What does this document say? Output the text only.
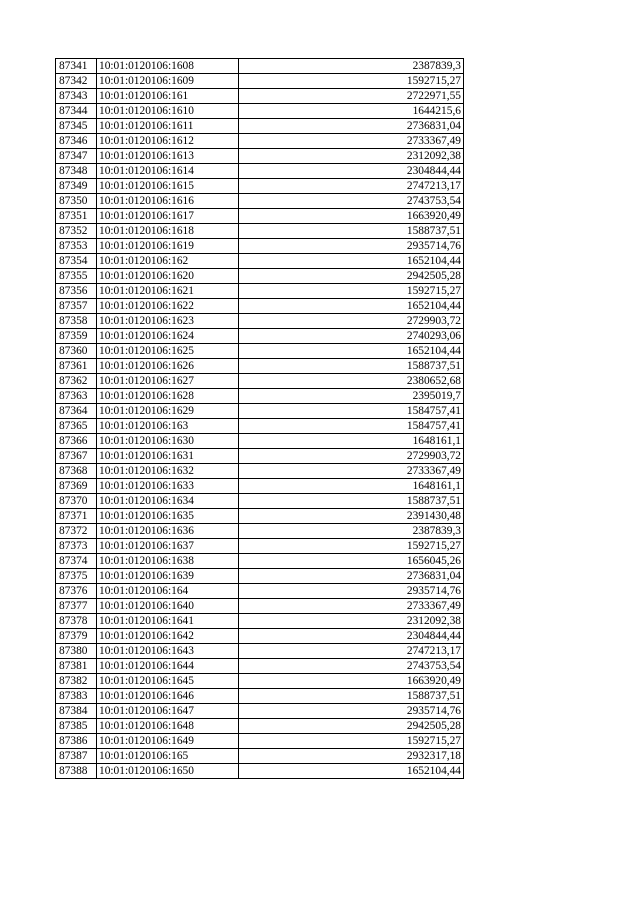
87341	10:01:0120106:1608	2387839,3
87342	10:01:0120106:1609	1592715,27
87343	10:01:0120106:161	2722971,55
87344	10:01:0120106:1610	1644215,6
87345	10:01:0120106:1611	2736831,04
87346	10:01:0120106:1612	2733367,49
87347	10:01:0120106:1613	2312092,38
87348	10:01:0120106:1614	2304844,44
87349	10:01:0120106:1615	2747213,17
87350	10:01:0120106:1616	2743753,54
87351	10:01:0120106:1617	1663920,49
87352	10:01:0120106:1618	1588737,51
87353	10:01:0120106:1619	2935714,76
87354	10:01:0120106:162	1652104,44
87355	10:01:0120106:1620	2942505,28
87356	10:01:0120106:1621	1592715,27
87357	10:01:0120106:1622	1652104,44
87358	10:01:0120106:1623	2729903,72
87359	10:01:0120106:1624	2740293,06
87360	10:01:0120106:1625	1652104,44
87361	10:01:0120106:1626	1588737,51
87362	10:01:0120106:1627	2380652,68
87363	10:01:0120106:1628	2395019,7
87364	10:01:0120106:1629	1584757,41
87365	10:01:0120106:163	1584757,41
87366	10:01:0120106:1630	1648161,1
87367	10:01:0120106:1631	2729903,72
87368	10:01:0120106:1632	2733367,49
87369	10:01:0120106:1633	1648161,1
87370	10:01:0120106:1634	1588737,51
87371	10:01:0120106:1635	2391430,48
87372	10:01:0120106:1636	2387839,3
87373	10:01:0120106:1637	1592715,27
87374	10:01:0120106:1638	1656045,26
87375	10:01:0120106:1639	2736831,04
87376	10:01:0120106:164	2935714,76
87377	10:01:0120106:1640	2733367,49
87378	10:01:0120106:1641	2312092,38
87379	10:01:0120106:1642	2304844,44
87380	10:01:0120106:1643	2747213,17
87381	10:01:0120106:1644	2743753,54
87382	10:01:0120106:1645	1663920,49
87383	10:01:0120106:1646	1588737,51
87384	10:01:0120106:1647	2935714,76
87385	10:01:0120106:1648	2942505,28
87386	10:01:0120106:1649	1592715,27
87387	10:01:0120106:165	2932317,18
87388	10:01:0120106:1650	1652104,44
